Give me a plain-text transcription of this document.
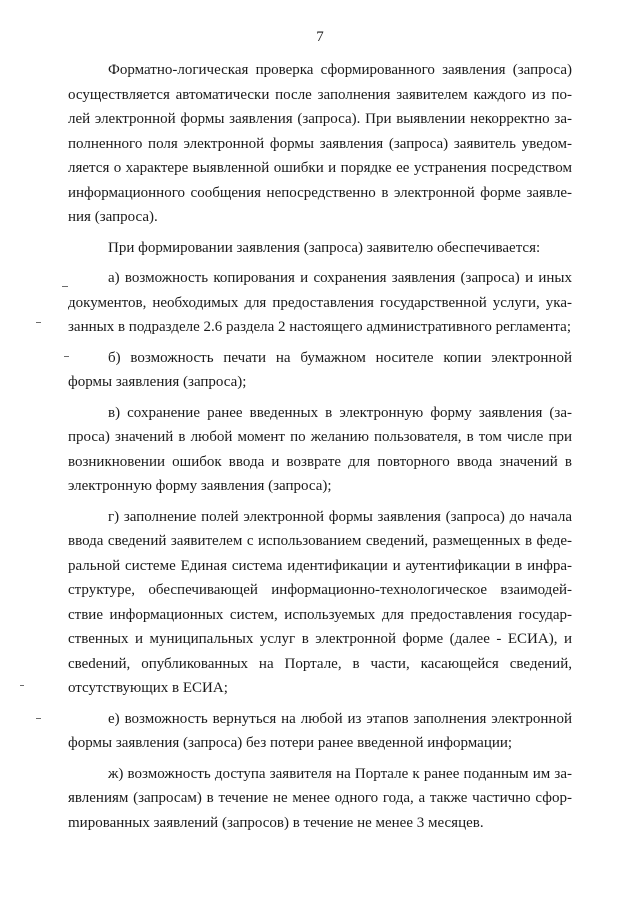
7

Форматно-логическая проверка сформированного заявления (запроса) осуществляется автоматически после заполнения заявителем каждого из полей электронной формы заявления (запроса). При выявлении некорректно заполненного поля электронной формы заявления (запроса) заявитель уведомляется о характере выявленной ошибки и порядке ее устранения посредством информационного сообщения непосредственно в электронной форме заявления (запроса).

При формировании заявления (запроса) заявителю обеспечивается:

а) возможность копирования и сохранения заявления (запроса) и иных документов, необходимых для предоставления государственной услуги, указанных в подразделе 2.6 раздела 2 настоящего административного регламента;

б) возможность печати на бумажном носителе копии электронной формы заявления (запроса);

в) сохранение ранее введенных в электронную форму заявления (запроса) значений в любой момент по желанию пользователя, в том числе при возникновении ошибок ввода и возврате для повторного ввода значений в электронную форму заявления (запроса);

г) заполнение полей электронной формы заявления (запроса) до начала ввода сведений заявителем с использованием сведений, размещенных в федеральной системе Единая система идентификации и аутентификации в инфраструктуре, обеспечивающей информационно-технологическое взаимодействие информационных систем, используемых для предоставления государственных и муниципальных услуг в электронной форме (далее - ЕСИА), и свеdений, опубликованных на Портале, в части, касающейся сведений, отсутствующих в ЕСИА;

е) возможность вернуться на любой из этапов заполнения электронной формы заявления (запроса) без потери ранее введенной информации;

ж) возможность доступа заявителя на Портале к ранее поданным им заявлениям (запросам) в течение не менее одного года, а также частично сфорmированных заявлений (запросов) в течение не менее 3 месяцев.
